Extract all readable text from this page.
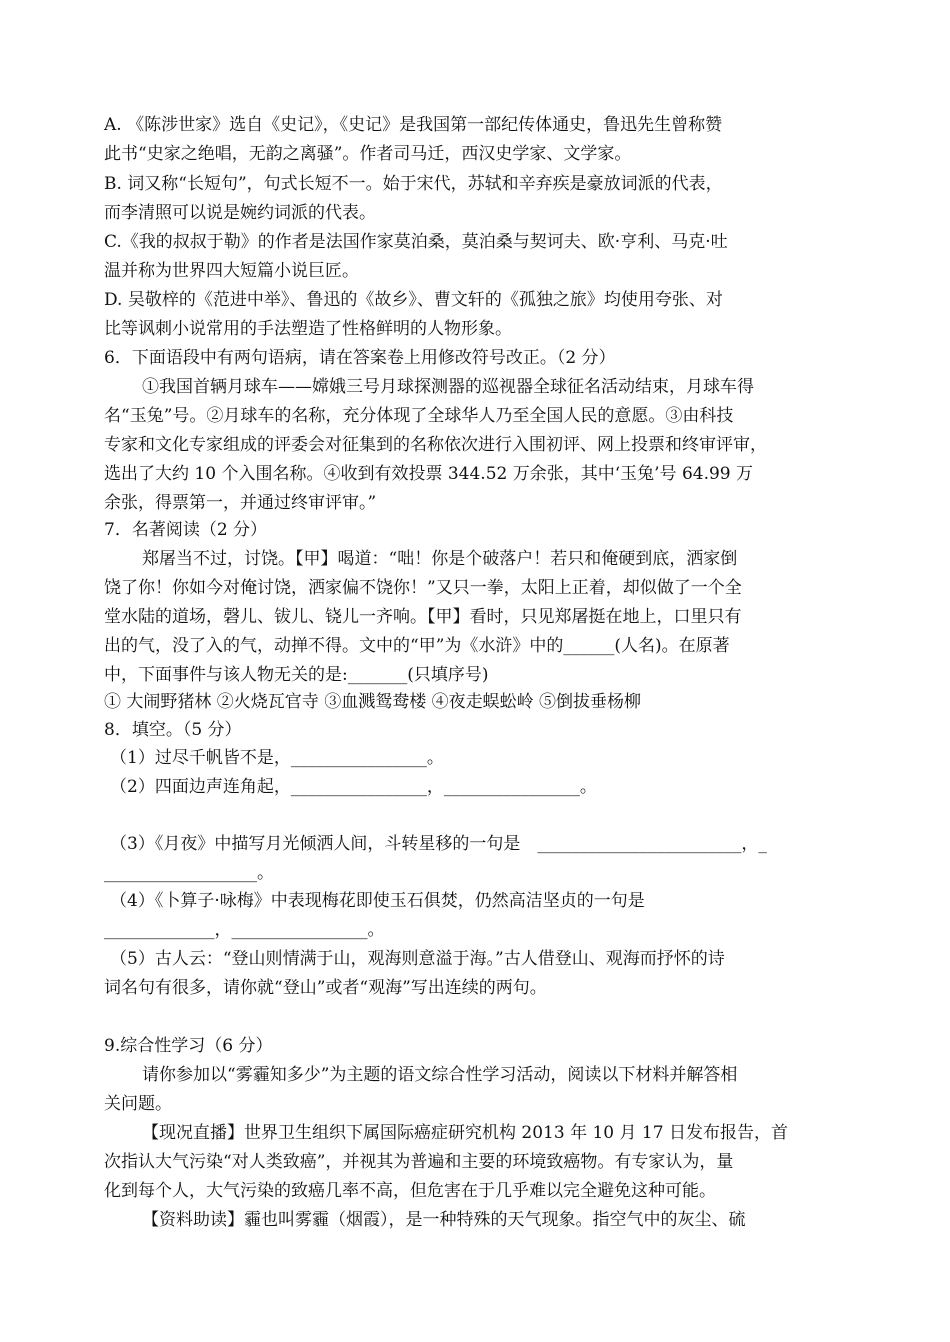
A. 《陈涉世家》选自《史记》，《史记》是我国第一部纪传体通史，鲁迅先生曾称赞
此书“史家之绝唱，无韵之离骚”。作者司马迁，西汉史学家、文学家。
B. 词又称“长短句”，句式长短不一。始于宋代，苏轼和辛弃疾是豪放词派的代表，
而李清照可以说是婉约词派的代表。
C.《我的叔叔于勒》的作者是法国作家莫泊桑，莫泊桑与契诃夫、欧·亨利、马克·吐
温并称为世界四大短篇小说巨匠。
D. 吴敬梓的《范进中举》、鲁迅的《故乡》、曹文轩的《孤独之旅》均使用夸张、对
比等讽刺小说常用的手法塑造了性格鲜明的人物形象。
6．下面语段中有两句语病，请在答案卷上用修改符号改正。（2 分）
①我国首辆月球车——嫦娥三号月球探测器的巡视器全球征名活动结束，月球车得
名“玉兔”号。②月球车的名称，充分体现了全球华人乃至全国人民的意愿。③由科技
专家和文化专家组成的评委会对征集到的名称依次进行入围初评、网上投票和终审评审，
选出了大约 10 个入围名称。④收到有效投票 344.52 万余张，其中‘玉兔’号 64.99 万
余张，得票第一，并通过终审评审。”
7．名著阅读（2 分）
郑屠当不过，讨饶。【甲】喝道：“咄！你是个破落户！若只和俺硬到底，洒家倒
饶了你！你如今对俺讨饶，洒家偏不饶你！”又只一拳，太阳上正着，却似做了一个全
堂水陆的道场，磬儿、钹儿、铙儿一齐响。【甲】看时，只见郑屠挺在地上，口里只有
出的气，没了入的气，动掸不得。文中的“甲”为《水浒》中的______(人名)。在原著
中，下面事件与该人物无关的是:_______(只填序号)
① 大闹野猪林 ②火烧瓦官寺 ③血溅鸳鸯楼 ④夜走蜈蚣岭 ⑤倒拔垂杨柳
8．填空。（5 分）
（1）过尽千帆皆不是，________________。
（2）四面边声连角起，________________，________________。
（3）《月夜》中描写月光倾洒人间，斗转星移的一句是　________________________，_
__________________。
（4）《卜算子·咏梅》中表现梅花即使玉石俱焚，仍然高洁坚贞的一句是
_____________，________________。
（5）古人云：“登山则情满于山，观海则意溢于海。”古人借登山、观海而抒怀的诗
词名句有很多，请你就“登山”或者“观海”写出连续的两句。
9.综合性学习（6 分）
请你参加以“雾霾知多少”为主题的语文综合性学习活动，阅读以下材料并解答相
关问题。
【现况直播】世界卫生组织下属国际癌症研究机构 2013 年 10 月 17 日发布报告，首
次指认大气污染“对人类致癌”，并视其为普遍和主要的环境致癌物。有专家认为，量
化到每个人，大气污染的致癌几率不高，但危害在于几乎难以完全避免这种可能。
【资料助读】霾也叫雾霾（烟霞），是一种特殊的天气现象。指空气中的灰尘、硫
